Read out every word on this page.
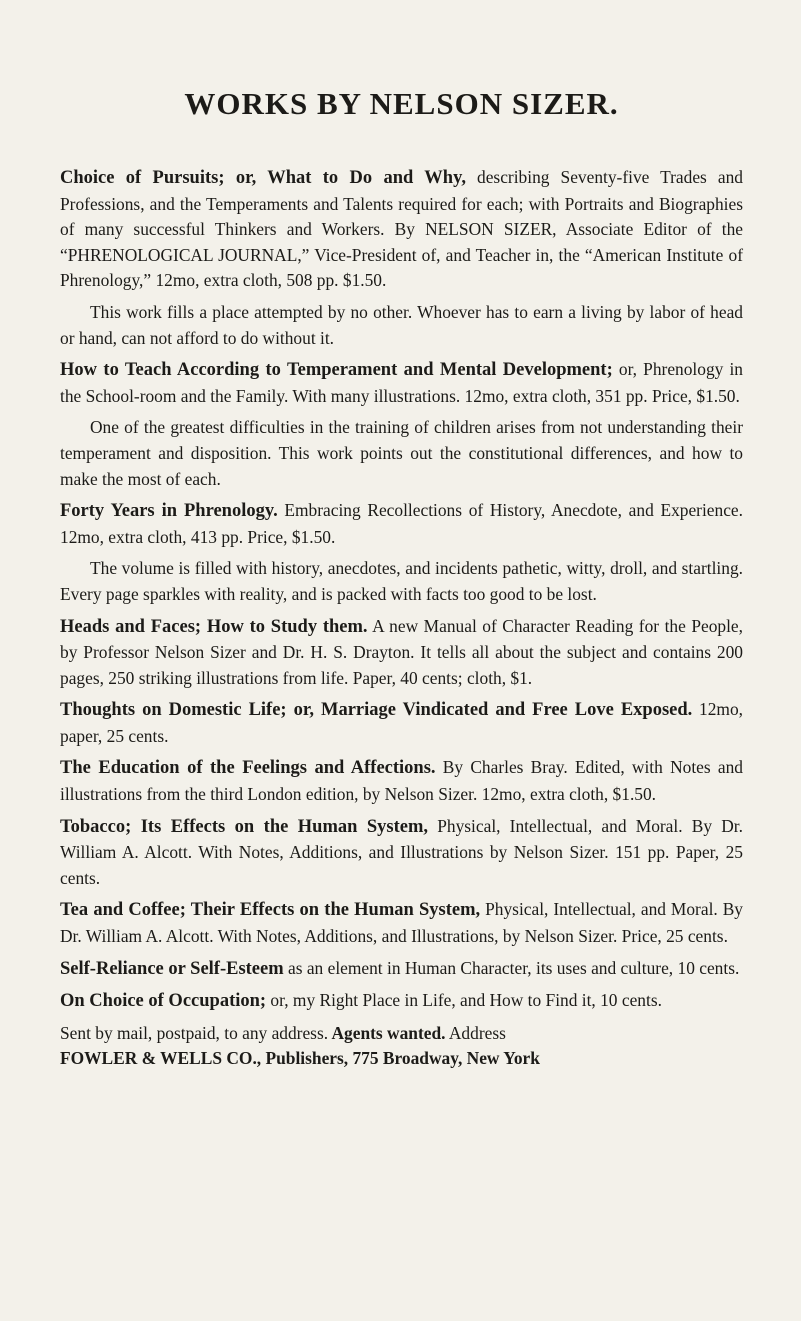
WORKS BY NELSON SIZER.

Choice of Pursuits; or, What to Do and Why, describing Seventy-five Trades and Professions, and the Temperaments and Talents required for each; with Portraits and Biographies of many successful Thinkers and Workers. By NELSON SIZER, Associate Editor of the “PHRENOLOGICAL JOURNAL,” Vice-President of, and Teacher in, the “American Institute of Phrenology,” 12mo, extra cloth, 508 pp. $1.50.

This work fills a place attempted by no other. Whoever has to earn a living by labor of head or hand, can not afford to do without it.

How to Teach According to Temperament and Mental Development; or, Phrenology in the School-room and the Family. With many illustrations. 12mo, extra cloth, 351 pp. Price, $1.50.

One of the greatest difficulties in the training of children arises from not understanding their temperament and disposition. This work points out the constitutional differences, and how to make the most of each.

Forty Years in Phrenology. Embracing Recollections of History, Anecdote, and Experience. 12mo, extra cloth, 413 pp. Price, $1.50.

The volume is filled with history, anecdotes, and incidents pathetic, witty, droll, and startling. Every page sparkles with reality, and is packed with facts too good to be lost.

Heads and Faces; How to Study them. A new Manual of Character Reading for the People, by Professor Nelson Sizer and Dr. H. S. Drayton. It tells all about the subject and contains 200 pages, 250 striking illustrations from life. Paper, 40 cents; cloth, $1.

Thoughts on Domestic Life; or, Marriage Vindicated and Free Love Exposed. 12mo, paper, 25 cents.

The Education of the Feelings and Affections. By Charles Bray. Edited, with Notes and illustrations from the third London edition, by Nelson Sizer. 12mo, extra cloth, $1.50.

Tobacco; Its Effects on the Human System, Physical, Intellectual, and Moral. By Dr. William A. Alcott. With Notes, Additions, and Illustrations by Nelson Sizer. 151 pp. Paper, 25 cents.

Tea and Coffee; Their Effects on the Human System, Physical, Intellectual, and Moral. By Dr. William A. Alcott. With Notes, Additions, and Illustrations, by Nelson Sizer. Price, 25 cents.

Self-Reliance or Self-Esteem as an element in Human Character, its uses and culture, 10 cents.

On Choice of Occupation; or, my Right Place in Life, and How to Find it, 10 cents.

Sent by mail, postpaid, to any address. Agents wanted. Address
FOWLER & WELLS CO., Publishers, 775 Broadway, New York
